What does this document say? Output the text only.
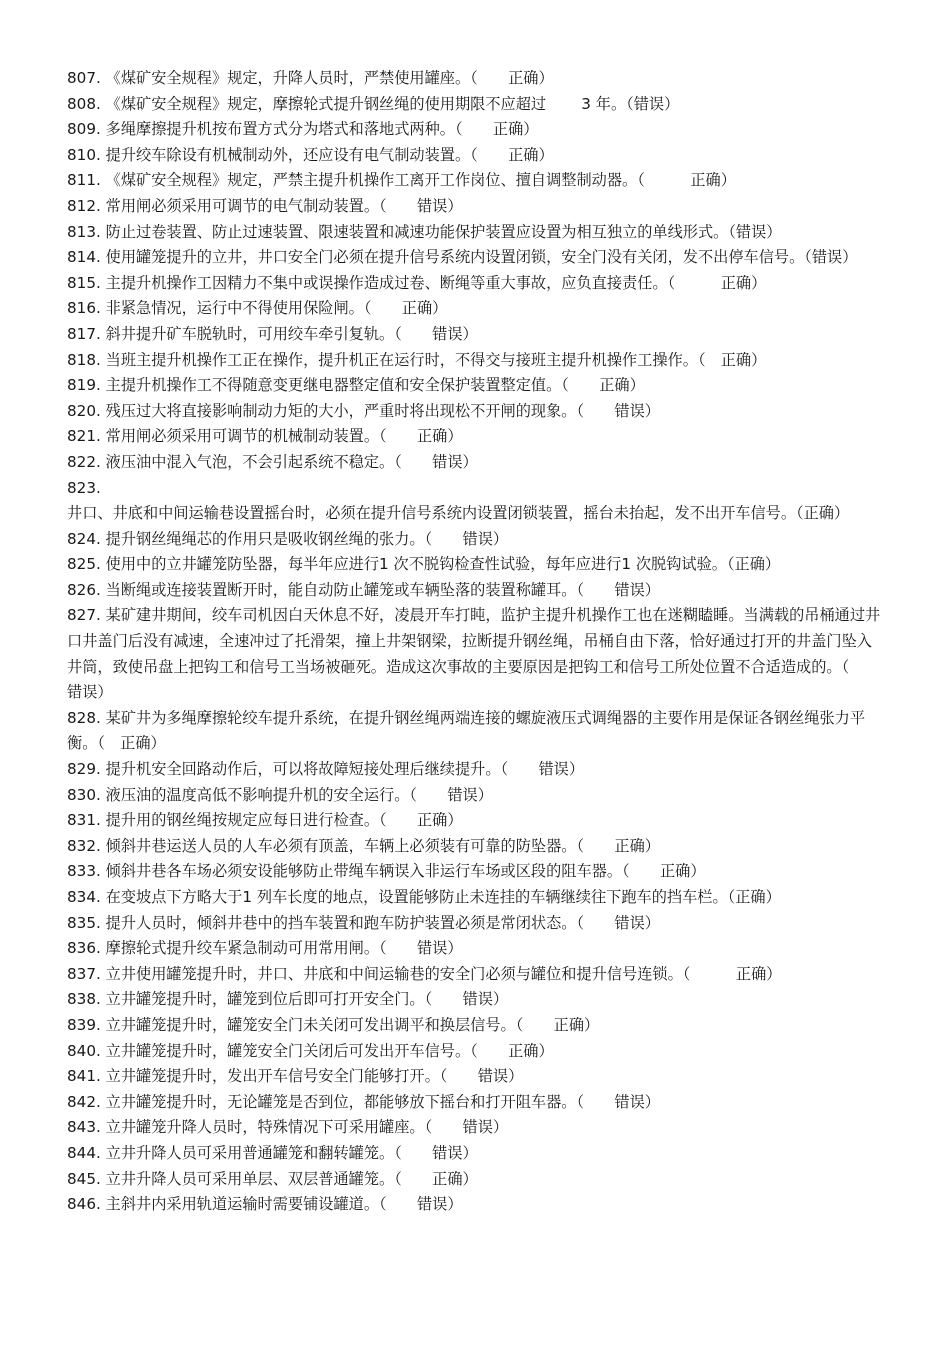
807. 《煤矿安全规程》规定，升降人员时，严禁使用罐座。（　　正确）
808. 《煤矿安全规程》规定，摩擦轮式提升钢丝绳的使用期限不应超过　　 3 年。（错误）
809. 多绳摩擦提升机按布置方式分为塔式和落地式两种。（　　正确）
810. 提升绞车除设有机械制动外，还应设有电气制动装置。（　　正确）
811. 《煤矿安全规程》规定，严禁主提升机操作工离开工作岗位、擅自调整制动器。（　　　正确）
812. 常用闸必须采用可调节的电气制动装置。（　　错误）
813. 防止过卷装置、防止过速装置、限速装置和减速功能保护装置应设置为相互独立的单线形式。（错误）
814. 使用罐笼提升的立井，井口安全门必须在提升信号系统内设置闭锁，安全门没有关闭，发不出停车信号。（错误）
815. 主提升机操作工因精力不集中或误操作造成过卷、断绳等重大事故，应负直接责任。（　　　正确）
816. 非紧急情况，运行中不得使用保险闸。（　　正确）
817. 斜井提升矿车脱轨时，可用绞车牵引复轨。（　　错误）
818. 当班主提升机操作工正在操作，提升机正在运行时，不得交与接班主提升机操作工操作。（　正确）
819. 主提升机操作工不得随意变更继电器整定值和安全保护装置整定值。（　　正确）
820. 残压过大将直接影响制动力矩的大小，严重时将出现松不开闸的现象。（　　错误）
821. 常用闸必须采用可调节的机械制动装置。（　　正确）
822. 液压油中混入气泡，不会引起系统不稳定。（　　错误）
823. 井口、井底和中间运输巷设置摇台时，必须在提升信号系统内设置闭锁装置，摇台未抬起，发不出开车信号。（正确）
824. 提升钢丝绳绳芯的作用只是吸收钢丝绳的张力。（　　错误）
825. 使用中的立井罐笼防坠器，每半年应进行1 次不脱钩检查性试验，每年应进行1 次脱钩试验。（正确）
826. 当断绳或连接装置断开时，能自动防止罐笼或车辆坠落的装置称罐耳。（　　错误）
827. 某矿建井期间，绞车司机因白天休息不好，凌晨开车打盹，监护主提升机操作工也在迷糊瞌睡。当满载的吊桶通过井口井盖门后没有减速，全速冲过了托滑架，撞上井架钢梁，拉断提升钢丝绳，吊桶自由下落，恰好通过打开的井盖门坠入井筒，致使吊盘上把钩工和信号工当场被砸死。造成这次事故的主要原因是把钩工和信号工所处位置不合适造成的。（　　错误）
828. 某矿井为多绳摩擦轮绞车提升系统，在提升钢丝绳两端连接的螺旋液压式调绳器的主要作用是保证各钢丝绳张力平衡。（　正确）
829. 提升机安全回路动作后，可以将故障短接处理后继续提升。（　　错误）
830. 液压油的温度高低不影响提升机的安全运行。（　　错误）
831. 提升用的钢丝绳按规定应每日进行检查。（　　正确）
832. 倾斜井巷运送人员的人车必须有顶盖，车辆上必须装有可靠的防坠器。（　　正确）
833. 倾斜井巷各车场必须安设能够防止带绳车辆误入非运行车场或区段的阻车器。（　　正确）
834. 在变坡点下方略大于1 列车长度的地点，设置能够防止未连挂的车辆继续往下跑车的挡车栏。（正确）
835. 提升人员时，倾斜井巷中的挡车装置和跑车防护装置必须是常闭状态。（　　错误）
836. 摩擦轮式提升绞车紧急制动可用常用闸。（　　错误）
837. 立井使用罐笼提升时，井口、井底和中间运输巷的安全门必须与罐位和提升信号连锁。（　　　正确）
838. 立井罐笼提升时，罐笼到位后即可打开安全门。（　　错误）
839. 立井罐笼提升时，罐笼安全门未关闭可发出调平和换层信号。（　　正确）
840. 立井罐笼提升时，罐笼安全门关闭后可发出开车信号。（　　正确）
841. 立井罐笼提升时，发出开车信号安全门能够打开。（　　错误）
842. 立井罐笼提升时，无论罐笼是否到位，都能够放下摇台和打开阻车器。（　　错误）
843. 立井罐笼升降人员时，特殊情况下可采用罐座。（　　错误）
844. 立井升降人员可采用普通罐笼和翻转罐笼。（　　错误）
845. 立井升降人员可采用单层、双层普通罐笼。（　　正确）
846. 主斜井内采用轨道运输时需要铺设罐道。（　　错误）
